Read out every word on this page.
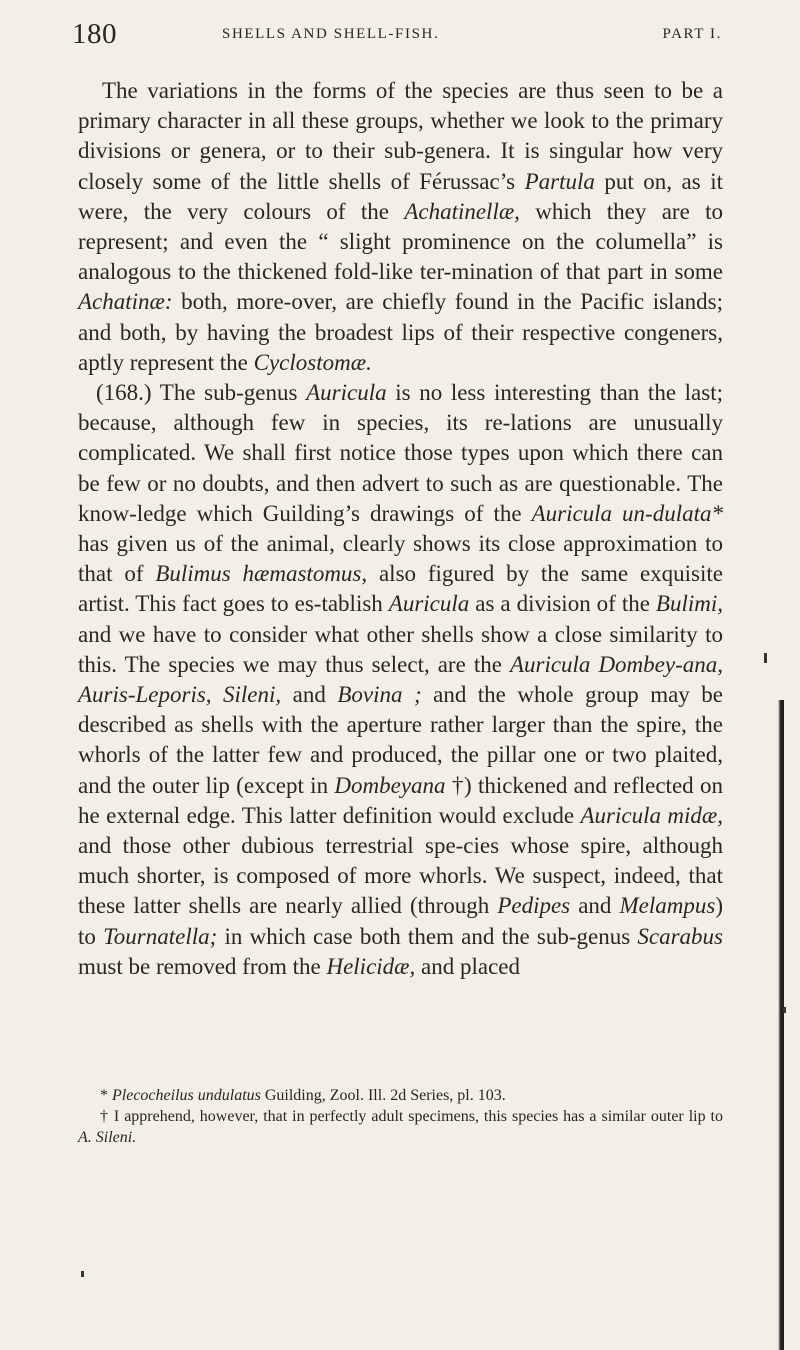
180	SHELLS AND SHELL-FISH.	PART I.

The variations in the forms of the species are thus seen to be a primary character in all these groups, whether we look to the primary divisions or genera, or to their sub-genera. It is singular how very closely some of the little shells of Férussac’s Partula put on, as it were, the very colours of the Achatinellæ, which they are to represent; and even the “ slight prominence on the columella” is analogous to the thickened fold-like ter-mination of that part in some Achatinæ: both, more-over, are chiefly found in the Pacific islands; and both, by having the broadest lips of their respective congeners, aptly represent the Cyclostomæ.

(168.) The sub-genus Auricula is no less interesting than the last; because, although few in species, its re-lations are unusually complicated. We shall first notice those types upon which there can be few or no doubts, and then advert to such as are questionable. The know-ledge which Guilding’s drawings of the Auricula un-dulata* has given us of the animal, clearly shows its close approximation to that of Bulimus hæmastomus, also figured by the same exquisite artist. This fact goes to es-tablish Auricula as a division of the Bulimi, and we have to consider what other shells show a close similarity to this. The species we may thus select, are the Auricula Dombey-ana, Auris-Leporis, Sileni, and Bovina ; and the whole group may be described as shells with the aperture rather larger than the spire, the whorls of the latter few and produced, the pillar one or two plaited, and the outer lip (except in Dombeyana †) thickened and reflected on he external edge. This latter definition would exclude Auricula midæ, and those other dubious terrestrial spe-cies whose spire, although much shorter, is composed of more whorls. We suspect, indeed, that these latter shells are nearly allied (through Pedipes and Melampus) to Tournatella; in which case both them and the sub-genus Scarabus must be removed from the Helicidæ, and placed

* Plecocheilus undulatus Guilding, Zool. Ill. 2d Series, pl. 103.

† I apprehend, however, that in perfectly adult specimens, this species has a similar outer lip to A. Sileni.
